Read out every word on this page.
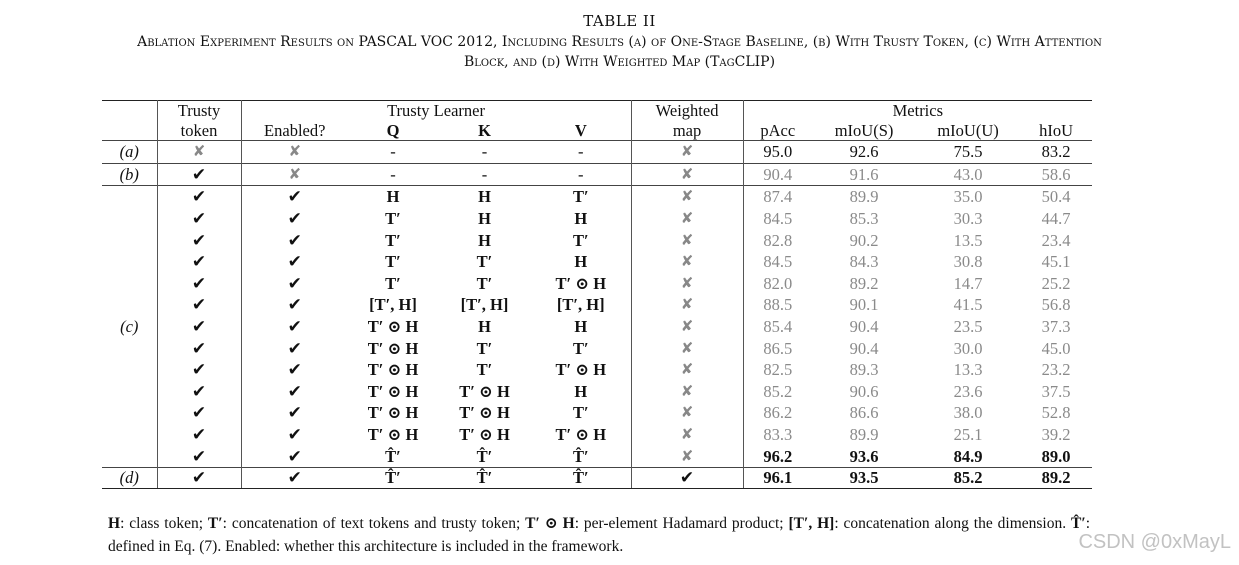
TABLE II
Ablation Experiment Results on PASCAL VOC 2012, Including Results (a) of One-Stage Baseline, (b) With Trusty Token, (c) With Attention
Block, and (d) With Weighted Map (TagCLIP)
	Trusty	Trusty Learner				Weighted	Metrics			
	token	Enabled?	Q	K	V	map	pAcc	mIoU(S)	mIoU(U)	hIoU
(a)	✘	✘	-	-	-	✘	95.0	92.6	75.5	83.2
(b)	✔	✘	-	-	-	✘	90.4	91.6	43.0	58.6
(c)	✔	✔	H	H	T′	✘	87.4	89.9	35.0	50.4
	✔	✔	T′	H	H	✘	84.5	85.3	30.3	44.7
	✔	✔	T′	H	T′	✘	82.8	90.2	13.5	23.4
	✔	✔	T′	T′	H	✘	84.5	84.3	30.8	45.1
	✔	✔	T′	T′	T′ ⊙ H	✘	82.0	89.2	14.7	25.2
	✔	✔	[T′, H]	[T′, H]	[T′, H]	✘	88.5	90.1	41.5	56.8
	✔	✔	T′ ⊙ H	H	H	✘	85.4	90.4	23.5	37.3
	✔	✔	T′ ⊙ H	T′	T′	✘	86.5	90.4	30.0	45.0
	✔	✔	T′ ⊙ H	T′	T′ ⊙ H	✘	82.5	89.3	13.3	23.2
	✔	✔	T′ ⊙ H	T′ ⊙ H	H	✘	85.2	90.6	23.6	37.5
	✔	✔	T′ ⊙ H	T′ ⊙ H	T′	✘	86.2	86.6	38.0	52.8
	✔	✔	T′ ⊙ H	T′ ⊙ H	T′ ⊙ H	✘	83.3	89.9	25.1	39.2
	✔	✔	T̂′	T̂′	T̂′	✘	96.2	93.6	84.9	89.0
(d)	✔	✔	T̂′	T̂′	T̂′	✔	96.1	93.5	85.2	89.2
H: class token; T′: concatenation of text tokens and trusty token; T′ ⊙ H: per-element Hadamard product; [T′, H]: concatenation along the dimension. T̂′: defined in Eq. (7). Enabled: whether this architecture is included in the framework.	CSDN @0xMayL
